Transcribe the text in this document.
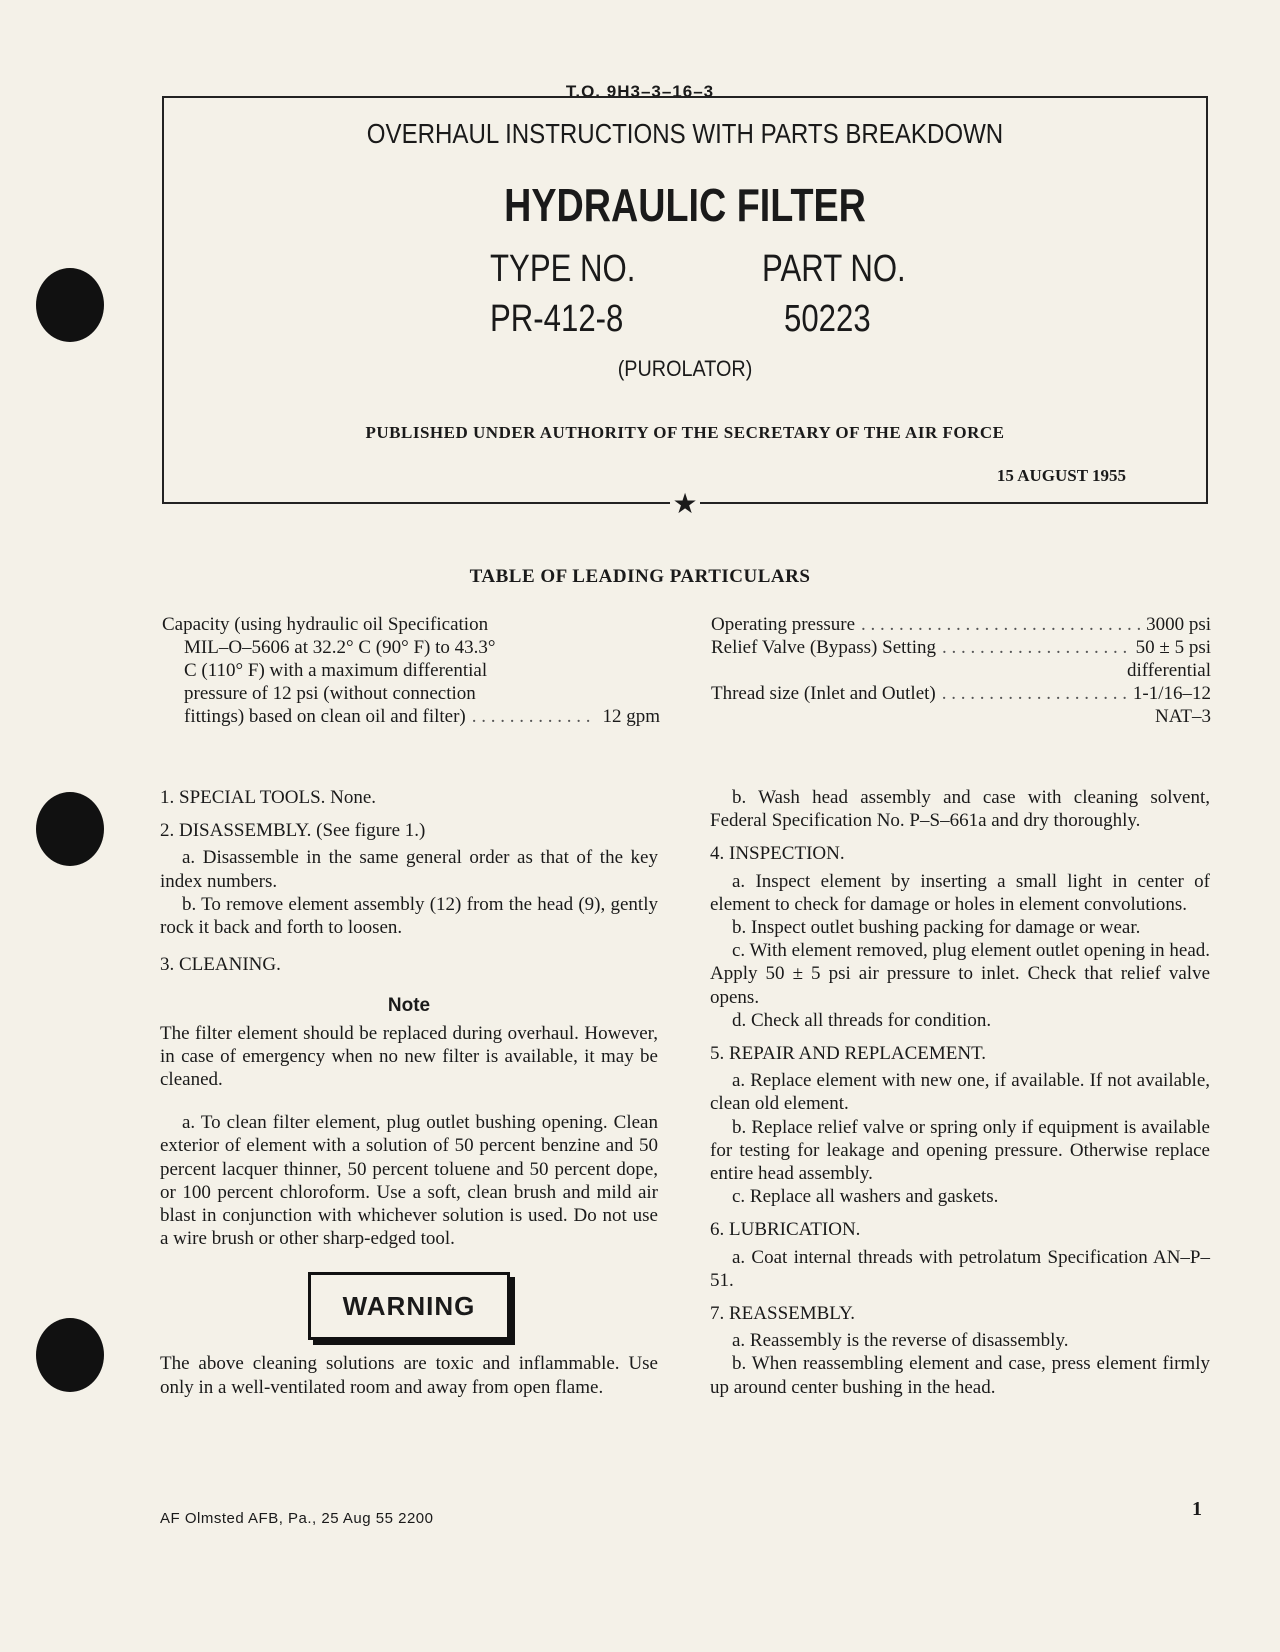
T.O. 9H3–3–16–3
OVERHAUL INSTRUCTIONS WITH PARTS BREAKDOWN
HYDRAULIC FILTER
TYPE NO.	PART NO.
PR-412-8	50223
(PUROLATOR)
PUBLISHED UNDER AUTHORITY OF THE SECRETARY OF THE AIR FORCE
15 AUGUST 1955
★
TABLE OF LEADING PARTICULARS
Capacity (using hydraulic oil Specification
MIL–O–5606 at 32.2° C (90° F) to 43.3°
C (110° F) with a maximum differential
pressure of 12 psi (without connection
fittings) based on clean oil and filter) . . .	12 gpm
Operating pressure . . .	3000 psi
Relief Valve (Bypass) Setting . . .	50 ± 5 psi
differential
Thread size (Inlet and Outlet) . . .	1-1/16–12
NAT–3

1. SPECIAL TOOLS. None.

2. DISASSEMBLY. (See figure 1.)

a. Disassemble in the same general order as that of the key index numbers.

b. To remove element assembly (12) from the head (9), gently rock it back and forth to loosen.

3. CLEANING.

Note

The filter element should be replaced during overhaul. However, in case of emergency when no new filter is available, it may be cleaned.

a. To clean filter element, plug outlet bushing opening. Clean exterior of element with a solution of 50 percent benzine and 50 percent lacquer thinner, 50 percent toluene and 50 percent dope, or 100 percent chloroform. Use a soft, clean brush and mild air blast in conjunction with whichever solution is used. Do not use a wire brush or other sharp-edged tool.

WARNING

The above cleaning solutions are toxic and inflammable. Use only in a well-ventilated room and away from open flame.

b. Wash head assembly and case with cleaning solvent, Federal Specification No. P–S–661a and dry thoroughly.

4. INSPECTION.

a. Inspect element by inserting a small light in center of element to check for damage or holes in element convolutions.

b. Inspect outlet bushing packing for damage or wear.

c. With element removed, plug element outlet opening in head. Apply 50 ± 5 psi air pressure to inlet. Check that relief valve opens.

d. Check all threads for condition.

5. REPAIR AND REPLACEMENT.

a. Replace element with new one, if available. If not available, clean old element.

b. Replace relief valve or spring only if equipment is available for testing for leakage and opening pressure. Otherwise replace entire head assembly.

c. Replace all washers and gaskets.

6. LUBRICATION.

a. Coat internal threads with petrolatum Specification AN–P–51.

7. REASSEMBLY.

a. Reassembly is the reverse of disassembly.

b. When reassembling element and case, press element firmly up around center bushing in the head.

AF Olmsted AFB, Pa., 25 Aug 55 2200	1
